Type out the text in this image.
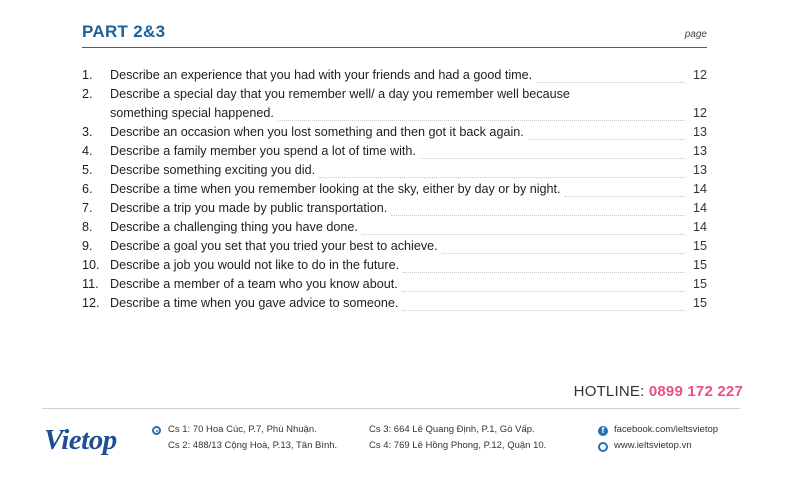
PART 2&3	page
1.	Describe an experience that you had with your friends and had a good time.	12
2.	Describe a special day that you remember well/ a day you remember well because
something special happened.	12
3.	Describe an occasion when you lost something and then got it back again.	13
4.	Describe a family member you spend a lot of time with.	13
5.	Describe something exciting you did.	13
6.	Describe a time when you remember looking at the sky, either by day or by night.	14
7.	Describe a trip you made by public transportation.	14
8.	Describe a challenging thing you have done.	14
9.	Describe a goal you set that you tried your best to achieve.	15
10. Describe a job you would not like to do in the future.	15
11. Describe a member of a team who you know about.	15
12. Describe a time when you gave advice to someone.	15
HOTLINE: 0899 172 227
Vietop	Cs 1: 70 Hoa Cúc, P.7, Phú Nhuận.
Cs 2: 488/13 Cộng Hoà, P.13, Tân Bình.
Cs 3: 664 Lê Quang Định, P.1, Gò Vấp.
Cs 4: 769 Lê Hồng Phong, P.12, Quận 10.
f	facebook.com/ieltsvietop
www.ieltsvietop.vn
